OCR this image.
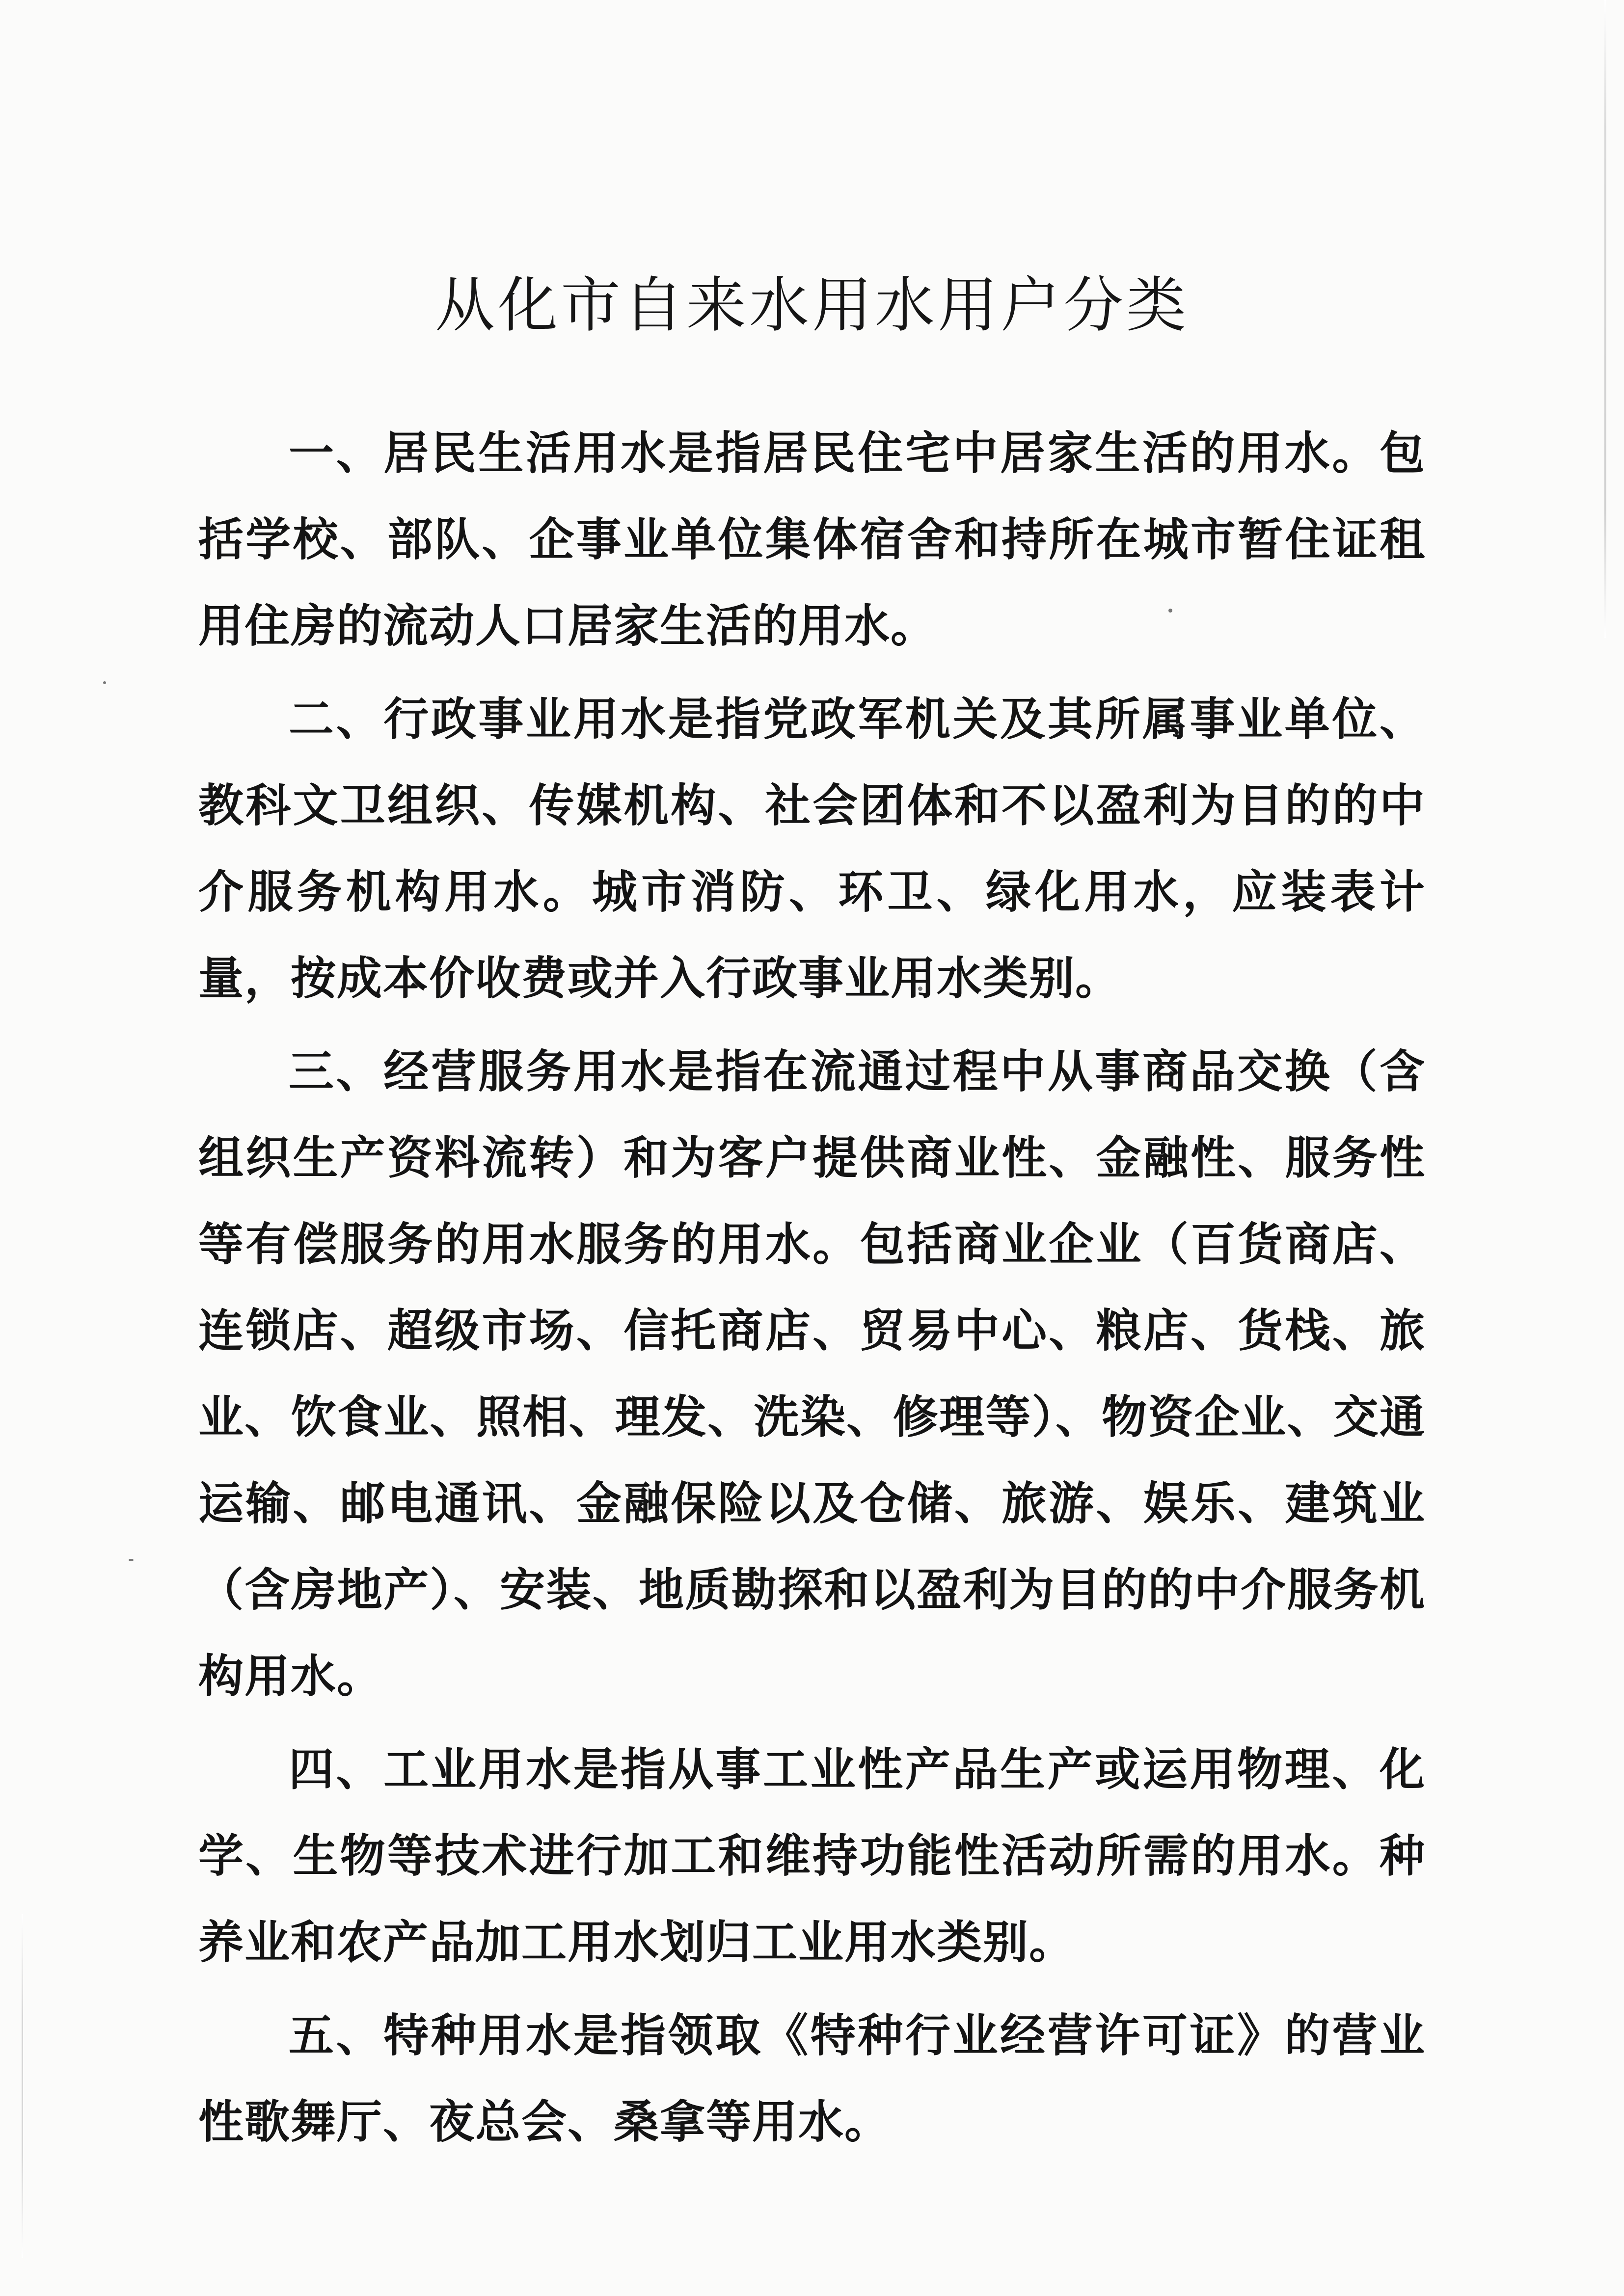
从化市自来水用水用户分类

一、居民生活用水是指居民住宅中居家生活的用水。包括学校、部队、企事业单位集体宿舍和持所在城市暂住证租用住房的流动人口居家生活的用水。

二、行政事业用水是指党政军机关及其所属事业单位、教科文卫组织、传媒机构、社会团体和不以盈利为目的的中介服务机构用水。城市消防、环卫、绿化用水，应装表计量，按成本价收费或并入行政事业用水类别。

三、经营服务用水是指在流通过程中从事商品交换（含组织生产资料流转）和为客户提供商业性、金融性、服务性等有偿服务的用水服务的用水。包括商业企业（百货商店、连锁店、超级市场、信托商店、贸易中心、粮店、货栈、旅业、饮食业、照相、理发、洗染、修理等）、物资企业、交通运输、邮电通讯、金融保险以及仓储、旅游、娱乐、建筑业（含房地产）、安装、地质勘探和以盈利为目的的中介服务机构用水。

四、工业用水是指从事工业性产品生产或运用物理、化学、生物等技术进行加工和维持功能性活动所需的用水。种养业和农产品加工用水划归工业用水类别。

五、特种用水是指领取《特种行业经营许可证》的营业性歌舞厅、夜总会、桑拿等用水。
